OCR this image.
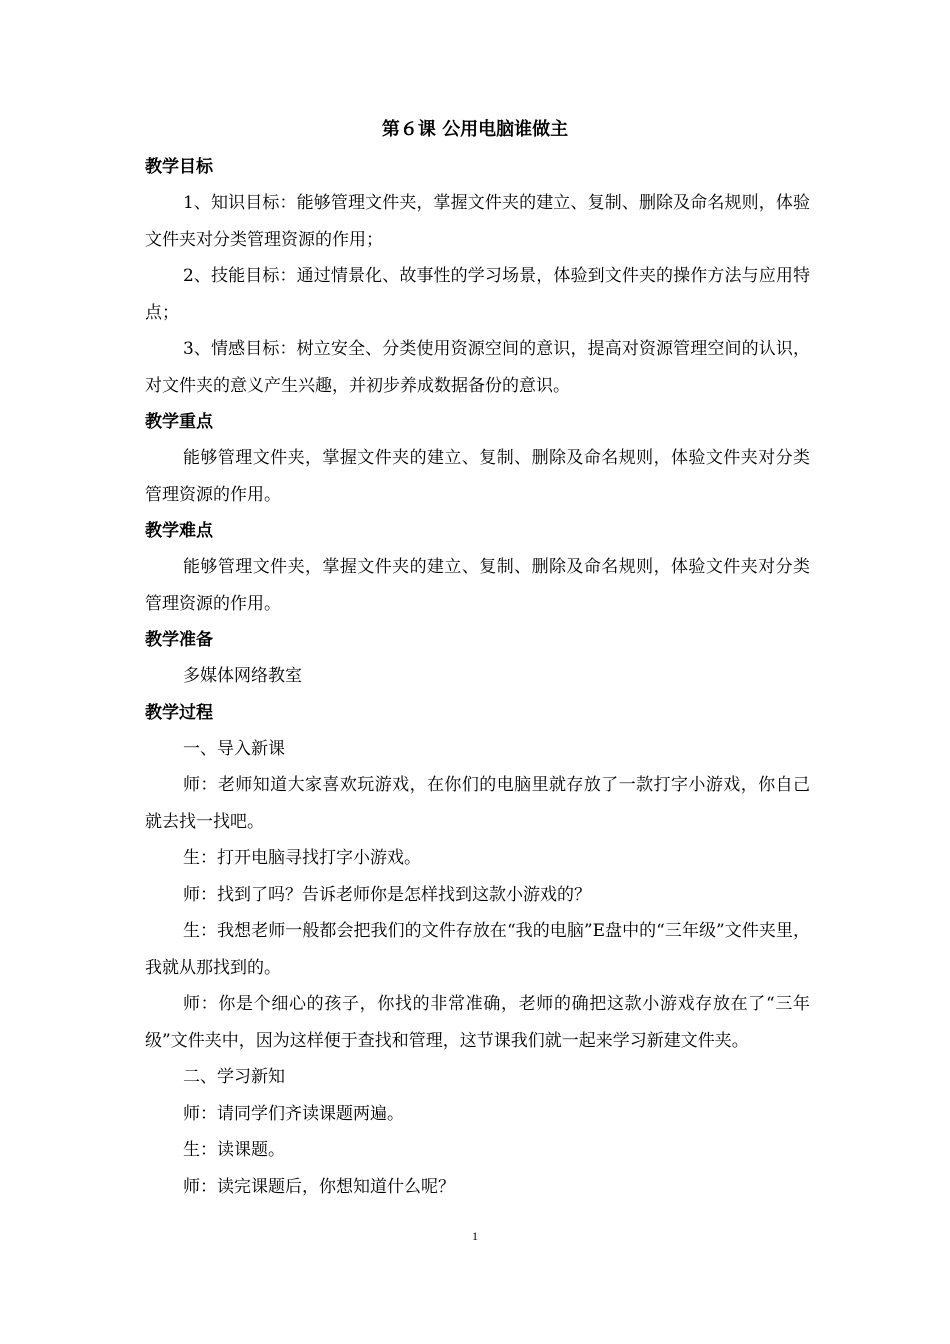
第６课 公用电脑谁做主

教学目标

1、知识目标：能够管理文件夹，掌握文件夹的建立、复制、删除及命名规则，体验文件夹对分类管理资源的作用；

2、技能目标：通过情景化、故事性的学习场景，体验到文件夹的操作方法与应用特点；

3、情感目标：树立安全、分类使用资源空间的意识，提高对资源管理空间的认识，对文件夹的意义产生兴趣，并初步养成数据备份的意识。

教学重点

能够管理文件夹，掌握文件夹的建立、复制、删除及命名规则，体验文件夹对分类管理资源的作用。

教学难点

能够管理文件夹，掌握文件夹的建立、复制、删除及命名规则，体验文件夹对分类管理资源的作用。

教学准备

多媒体网络教室

教学过程

一、导入新课

师：老师知道大家喜欢玩游戏，在你们的电脑里就存放了一款打字小游戏，你自己就去找一找吧。

生：打开电脑寻找打字小游戏。

师：找到了吗？告诉老师你是怎样找到这款小游戏的？

生：我想老师一般都会把我们的文件存放在“我的电脑”E盘中的“三年级”文件夹里，我就从那找到的。

师：你是个细心的孩子，你找的非常准确，老师的确把这款小游戏存放在了“三年级”文件夹中，因为这样便于查找和管理，这节课我们就一起来学习新建文件夹。

二、学习新知

师：请同学们齐读课题两遍。

生：读课题。

师：读完课题后，你想知道什么呢？

1
